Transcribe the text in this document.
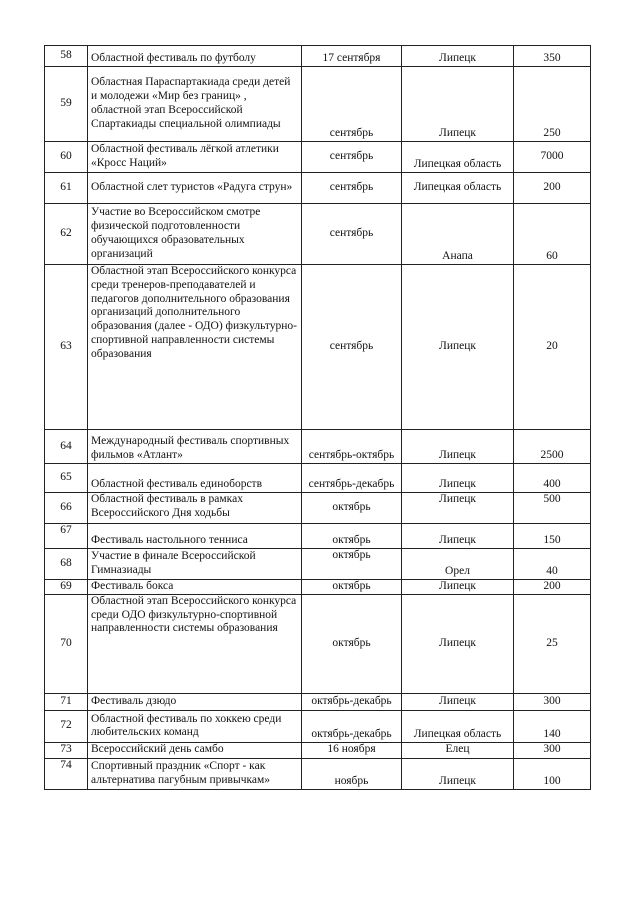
58	Областной фестиваль по футболу	17 сентября	Липецк	350
59	Областная Параспартакиада среди детей и молодежи «Мир без границ» , областной этап Всероссийской Спартакиады специальной олимпиады	сентябрь	Липецк	250
60	Областной фестиваль лёгкой атлетики «Кросс Наций»	сентябрь	Липецкая область	7000
61	Областной слет туристов «Радуга струн»	сентябрь	Липецкая область	200
62	Участие во Всероссийском смотре физической подготовленности обучающихся образовательных организаций	сентябрь	Анапа	60
63	Областной этап Всероссийского конкурса среди тренеров-преподавателей и педагогов дополнительного образования организаций дополнительного образования (далее - ОДО) физкультурно-спортивной направленности системы образования	сентябрь	Липецк	20
64	Международный фестиваль спортивных фильмов «Атлант»	сентябрь-октябрь	Липецк	2500
65	Областной фестиваль единоборств	сентябрь-декабрь	Липецк	400
66	Областной фестиваль в рамках Всероссийского Дня ходьбы	октябрь	Липецк	500
67	Фестиваль настольного тенниса	октябрь	Липецк	150
68	Участие в финале Всероссийской Гимназиады	октябрь	Орел	40
69	Фестиваль бокса	октябрь	Липецк	200
70	Областной этап Всероссийского конкурса среди ОДО физкультурно-спортивной направленности системы образования	октябрь	Липецк	25
71	Фестиваль дзюдо	октябрь-декабрь	Липецк	300
72	Областной фестиваль по хоккею среди любительских команд	октябрь-декабрь	Липецкая область	140
73	Всероссийский день самбо	16 ноября	Елец	300
74	Спортивный праздник «Спорт - как альтернатива пагубным привычкам»	ноябрь	Липецк	100
